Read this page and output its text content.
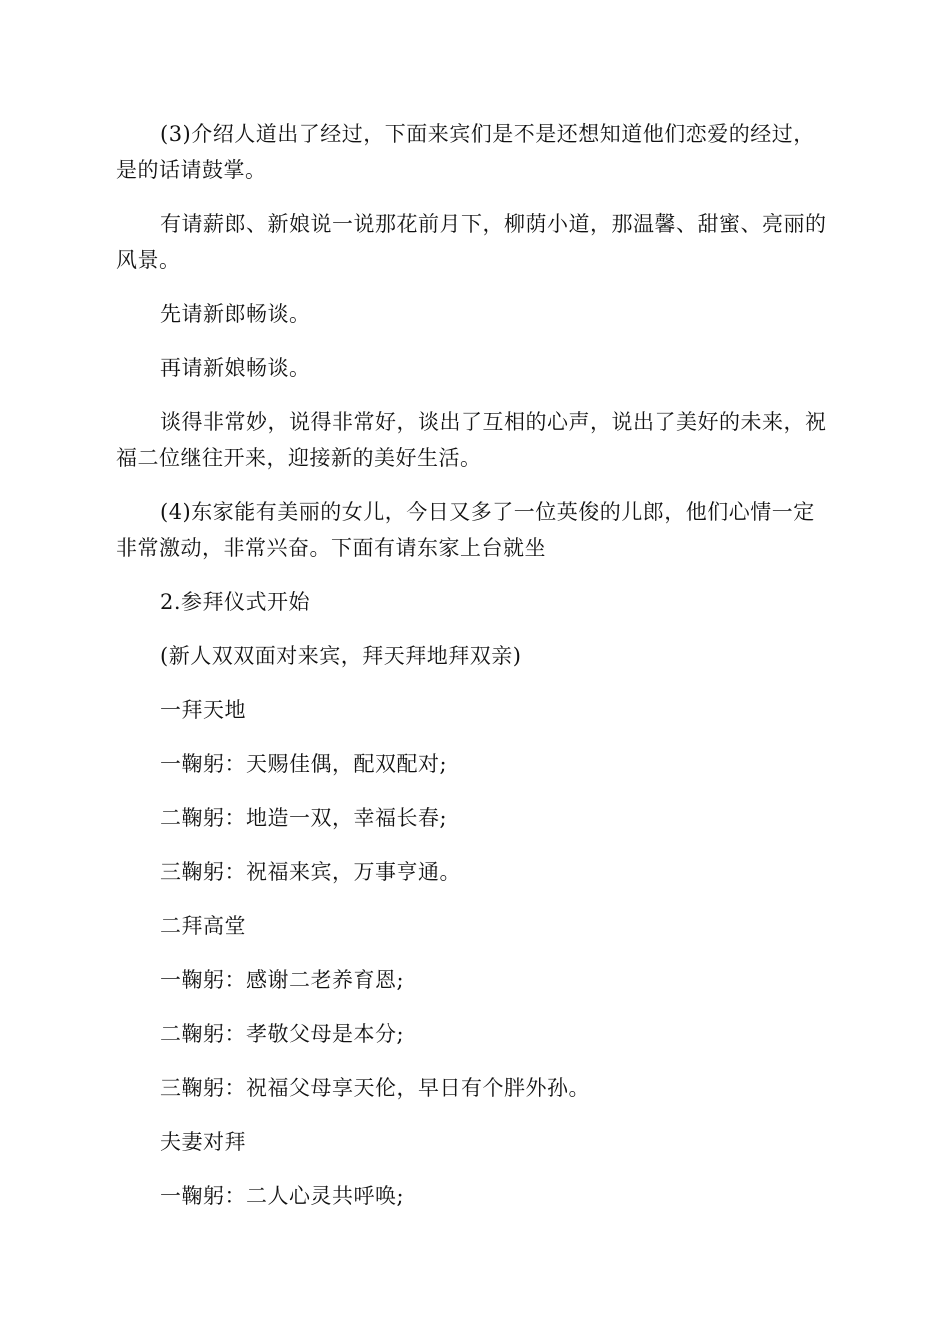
(3)介绍人道出了经过，下面来宾们是不是还想知道他们恋爱的经过，是的话请鼓掌。

有请薪郎、新娘说一说那花前月下，柳荫小道，那温馨、甜蜜、亮丽的风景。

先请新郎畅谈。

再请新娘畅谈。

谈得非常妙，说得非常好，谈出了互相的心声，说出了美好的未来，祝福二位继往开来，迎接新的美好生活。

(4)东家能有美丽的女儿，今日又多了一位英俊的儿郎，他们心情一定非常激动，非常兴奋。下面有请东家上台就坐

2.参拜仪式开始

(新人双双面对来宾，拜天拜地拜双亲)

一拜天地

一鞠躬：天赐佳偶，配双配对;

二鞠躬：地造一双，幸福长春;

三鞠躬：祝福来宾，万事亨通。

二拜高堂

一鞠躬：感谢二老养育恩;

二鞠躬：孝敬父母是本分;

三鞠躬：祝福父母享天伦，早日有个胖外孙。

夫妻对拜

一鞠躬：二人心灵共呼唤;
